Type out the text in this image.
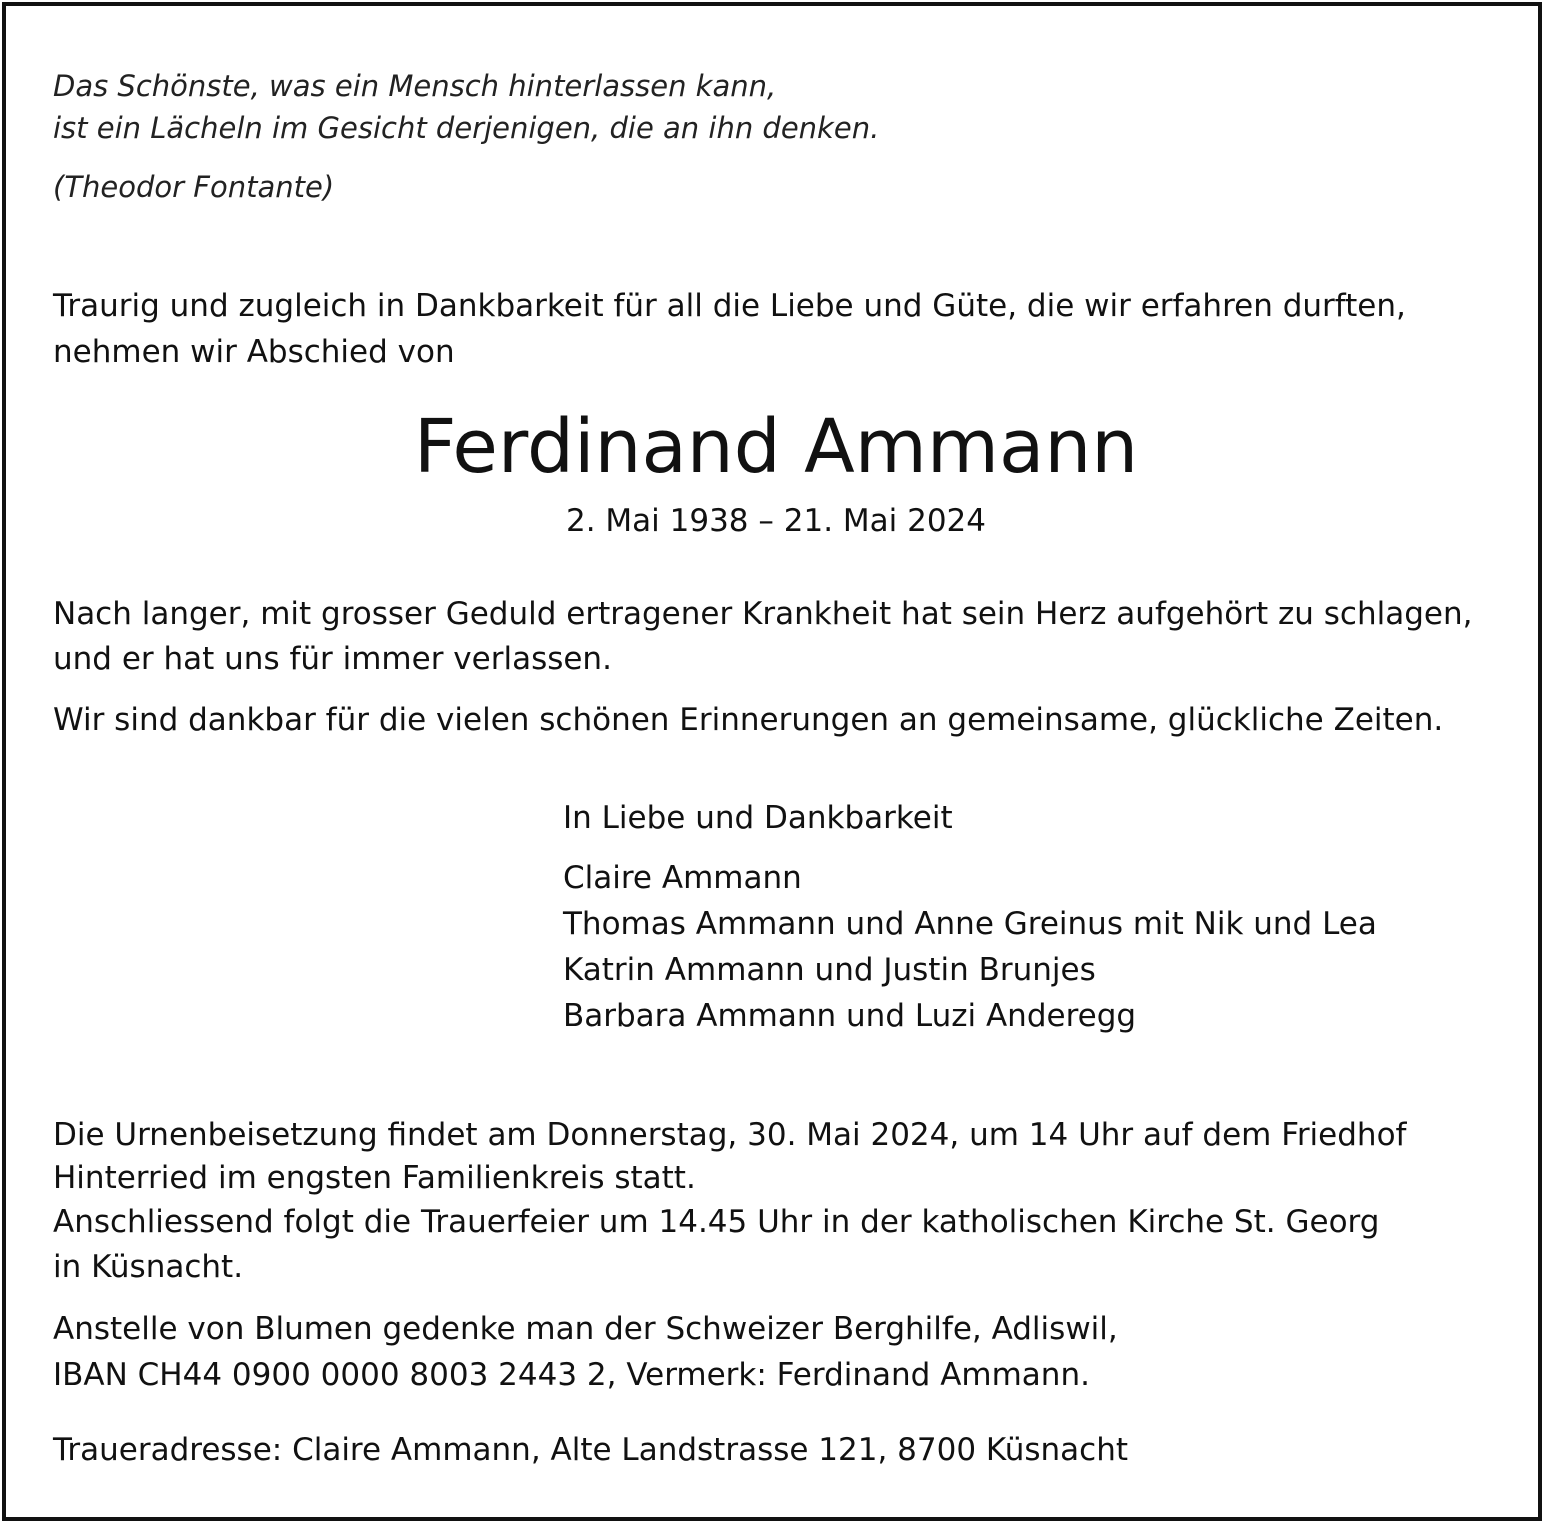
Das Schönste, was ein Mensch hinterlassen kann,
ist ein Lächeln im Gesicht derjenigen, die an ihn denken.
(Theodor Fontante)
Traurig und zugleich in Dankbarkeit für all die Liebe und Güte, die wir erfahren durften,
nehmen wir Abschied von
Ferdinand Ammann
2. Mai 1938 – 21. Mai 2024
Nach langer, mit grosser Geduld ertragener Krankheit hat sein Herz aufgehört zu schlagen,
und er hat uns für immer verlassen.
Wir sind dankbar für die vielen schönen Erinnerungen an gemeinsame, glückliche Zeiten.
In Liebe und Dankbarkeit
Claire Ammann
Thomas Ammann und Anne Greinus mit Nik und Lea
Katrin Ammann und Justin Brunjes
Barbara Ammann und Luzi Anderegg
Die Urnenbeisetzung findet am Donnerstag, 30. Mai 2024, um 14 Uhr auf dem Friedhof
Hinterried im engsten Familienkreis statt.
Anschliessend folgt die Trauerfeier um 14.45 Uhr in der katholischen Kirche St. Georg
in Küsnacht.
Anstelle von Blumen gedenke man der Schweizer Berghilfe, Adliswil,
IBAN CH44 0900 0000 8003 2443 2, Vermerk: Ferdinand Ammann.
Traueradresse: Claire Ammann, Alte Landstrasse 121, 8700 Küsnacht
